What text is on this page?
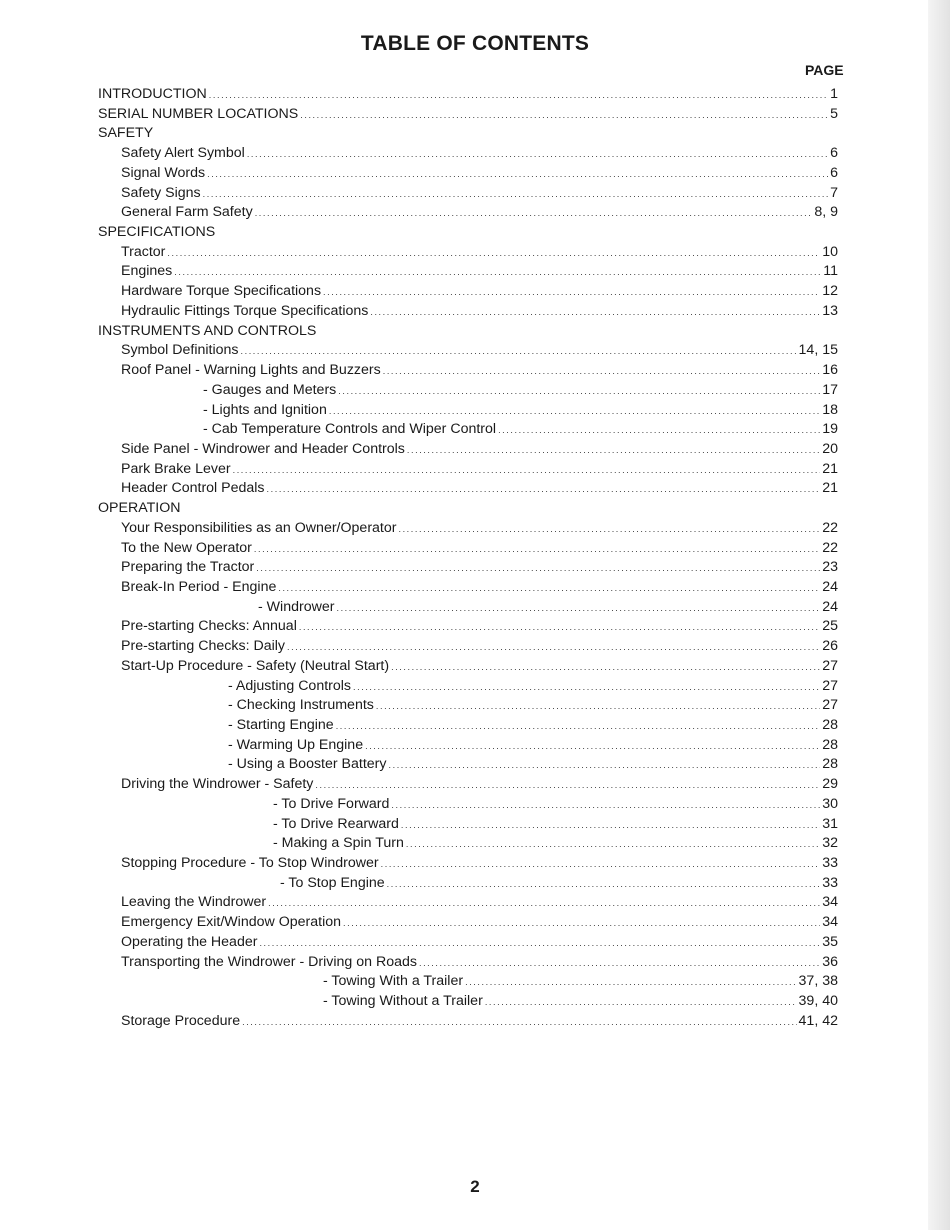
TABLE OF CONTENTS
PAGE
INTRODUCTION .....	1
SERIAL NUMBER LOCATIONS .....	5
SAFETY
Safety Alert Symbol .....	6
Signal Words .....	6
Safety Signs .....	7
General Farm Safety .....	8, 9
SPECIFICATIONS
Tractor .....	10
Engines .....	11
Hardware Torque Specifications .....	12
Hydraulic Fittings Torque Specifications .....	13
INSTRUMENTS AND CONTROLS
Symbol Definitions .....	14, 15
Roof Panel - Warning Lights and Buzzers .....	16
- Gauges and Meters .....	17
- Lights and Ignition .....	18
- Cab Temperature Controls and Wiper Control .....	19
Side Panel - Windrower and Header Controls .....	20
Park Brake Lever .....	21
Header Control Pedals .....	21
OPERATION
Your Responsibilities as an Owner/Operator .....	22
To the New Operator .....	22
Preparing the Tractor .....	23
Break-In Period - Engine .....	24
- Windrower .....	24
Pre-starting Checks: Annual .....	25
Pre-starting Checks: Daily .....	26
Start-Up Procedure - Safety (Neutral Start) .....	27
- Adjusting Controls .....	27
- Checking Instruments .....	27
- Starting Engine .....	28
- Warming Up Engine .....	28
- Using a Booster Battery .....	28
Driving the Windrower - Safety .....	29
- To Drive Forward .....	30
- To Drive Rearward .....	31
- Making a Spin Turn .....	32
Stopping Procedure - To Stop Windrower .....	33
- To Stop Engine .....	33
Leaving the Windrower .....	34
Emergency Exit/Window Operation .....	34
Operating the Header .....	35
Transporting the Windrower - Driving on Roads .....	36
- Towing With a Trailer .....	37, 38
- Towing Without a Trailer .....	39, 40
Storage Procedure .....	41, 42
2
